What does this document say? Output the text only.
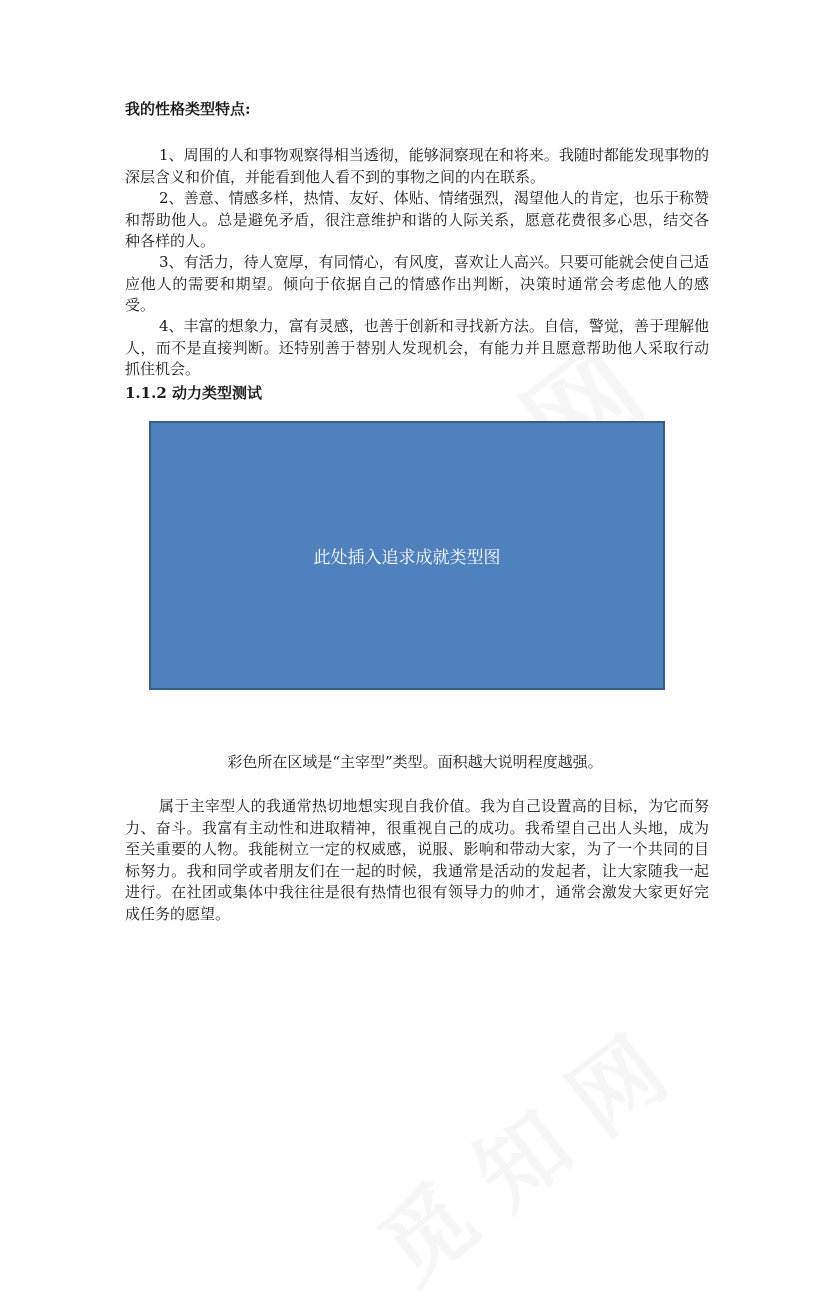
我的性格类型特点:

1、周围的人和事物观察得相当透彻，能够洞察现在和将来。我随时都能发现事物的深层含义和价值，并能看到他人看不到的事物之间的内在联系。

2、善意、情感多样，热情、友好、体贴、情绪强烈，渴望他人的肯定，也乐于称赞和帮助他人。总是避免矛盾，很注意维护和谐的人际关系，愿意花费很多心思，结交各种各样的人。

3、有活力，待人宽厚，有同情心，有风度，喜欢让人高兴。只要可能就会使自己适应他人的需要和期望。倾向于依据自己的情感作出判断，决策时通常会考虑他人的感受。

4、丰富的想象力，富有灵感，也善于创新和寻找新方法。自信，警觉，善于理解他人，而不是直接判断。还特别善于替别人发现机会，有能力并且愿意帮助他人采取行动抓住机会。

1.1.2 动力类型测试

此处插入追求成就类型图

彩色所在区域是“主宰型”类型。面积越大说明程度越强。

属于主宰型人的我通常热切地想实现自我价值。我为自己设置高的目标，为它而努力、奋斗。我富有主动性和进取精神，很重视自己的成功。我希望自己出人头地，成为至关重要的人物。我能树立一定的权威感，说服、影响和带动大家，为了一个共同的目标努力。我和同学或者朋友们在一起的时候，我通常是活动的发起者，让大家随我一起进行。在社团或集体中我往往是很有热情也很有领导力的帅才，通常会激发大家更好完成任务的愿望。
